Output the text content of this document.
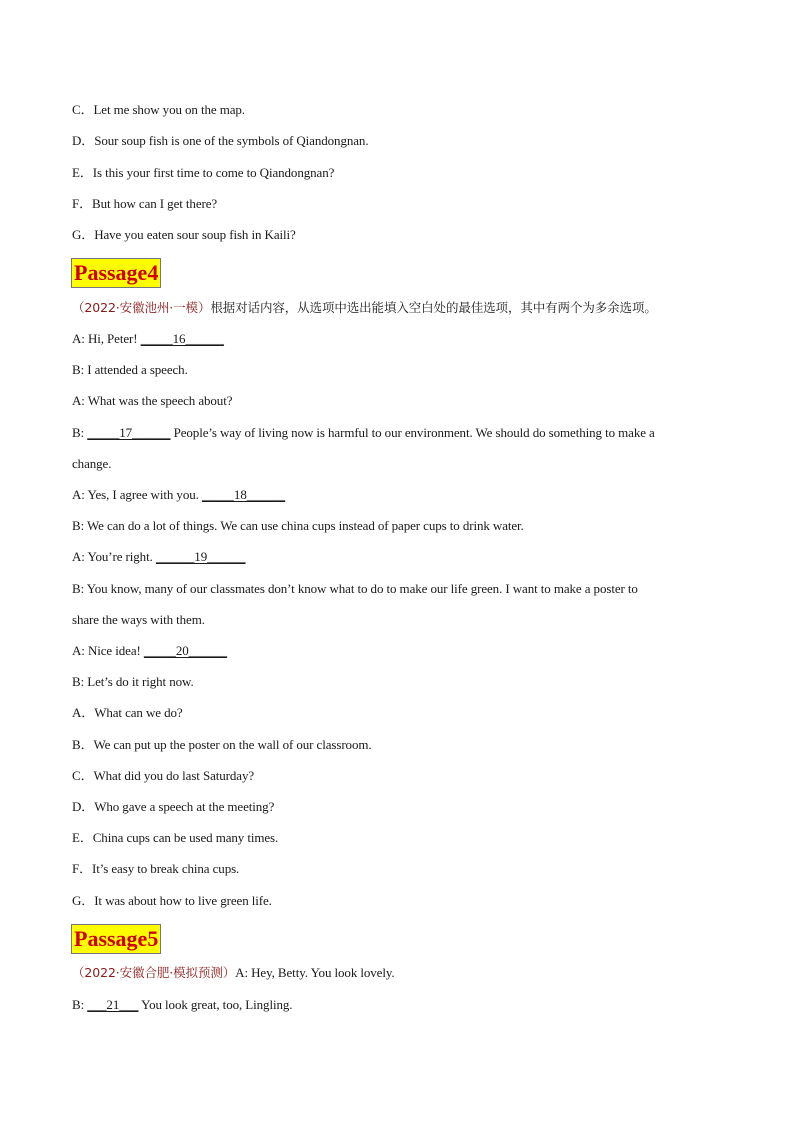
C．Let me show you on the map.
D．Sour soup fish is one of the symbols of Qiandongnan.
E．Is this your first time to come to Qiandongnan?
F．But how can I get there?
G．Have you eaten sour soup fish in Kaili?
Passage4
（2022·安徽池州·一模）根据对话内容，从选项中选出能填入空白处的最佳选项，其中有两个为多余选项。
A: Hi, Peter! _____16______
B: I attended a speech.
A: What was the speech about?
B: _____17______ People’s way of living now is harmful to our environment. We should do something to make a
change.
A: Yes, I agree with you. _____18______
B: We can do a lot of things. We can use china cups instead of paper cups to drink water.
A: You’re right. ______19______
B: You know, many of our classmates don’t know what to do to make our life green. I want to make a poster to
share the ways with them.
A: Nice idea! _____20______
B: Let’s do it right now.
A．What can we do?
B．We can put up the poster on the wall of our classroom.
C．What did you do last Saturday?
D．Who gave a speech at the meeting?
E．China cups can be used many times.
F．It’s easy to break china cups.
G．It was about how to live green life.
Passage5
（2022·安徽合肥·模拟预测）A: Hey, Betty. You look lovely.
B: ___21___ You look great, too, Lingling.
